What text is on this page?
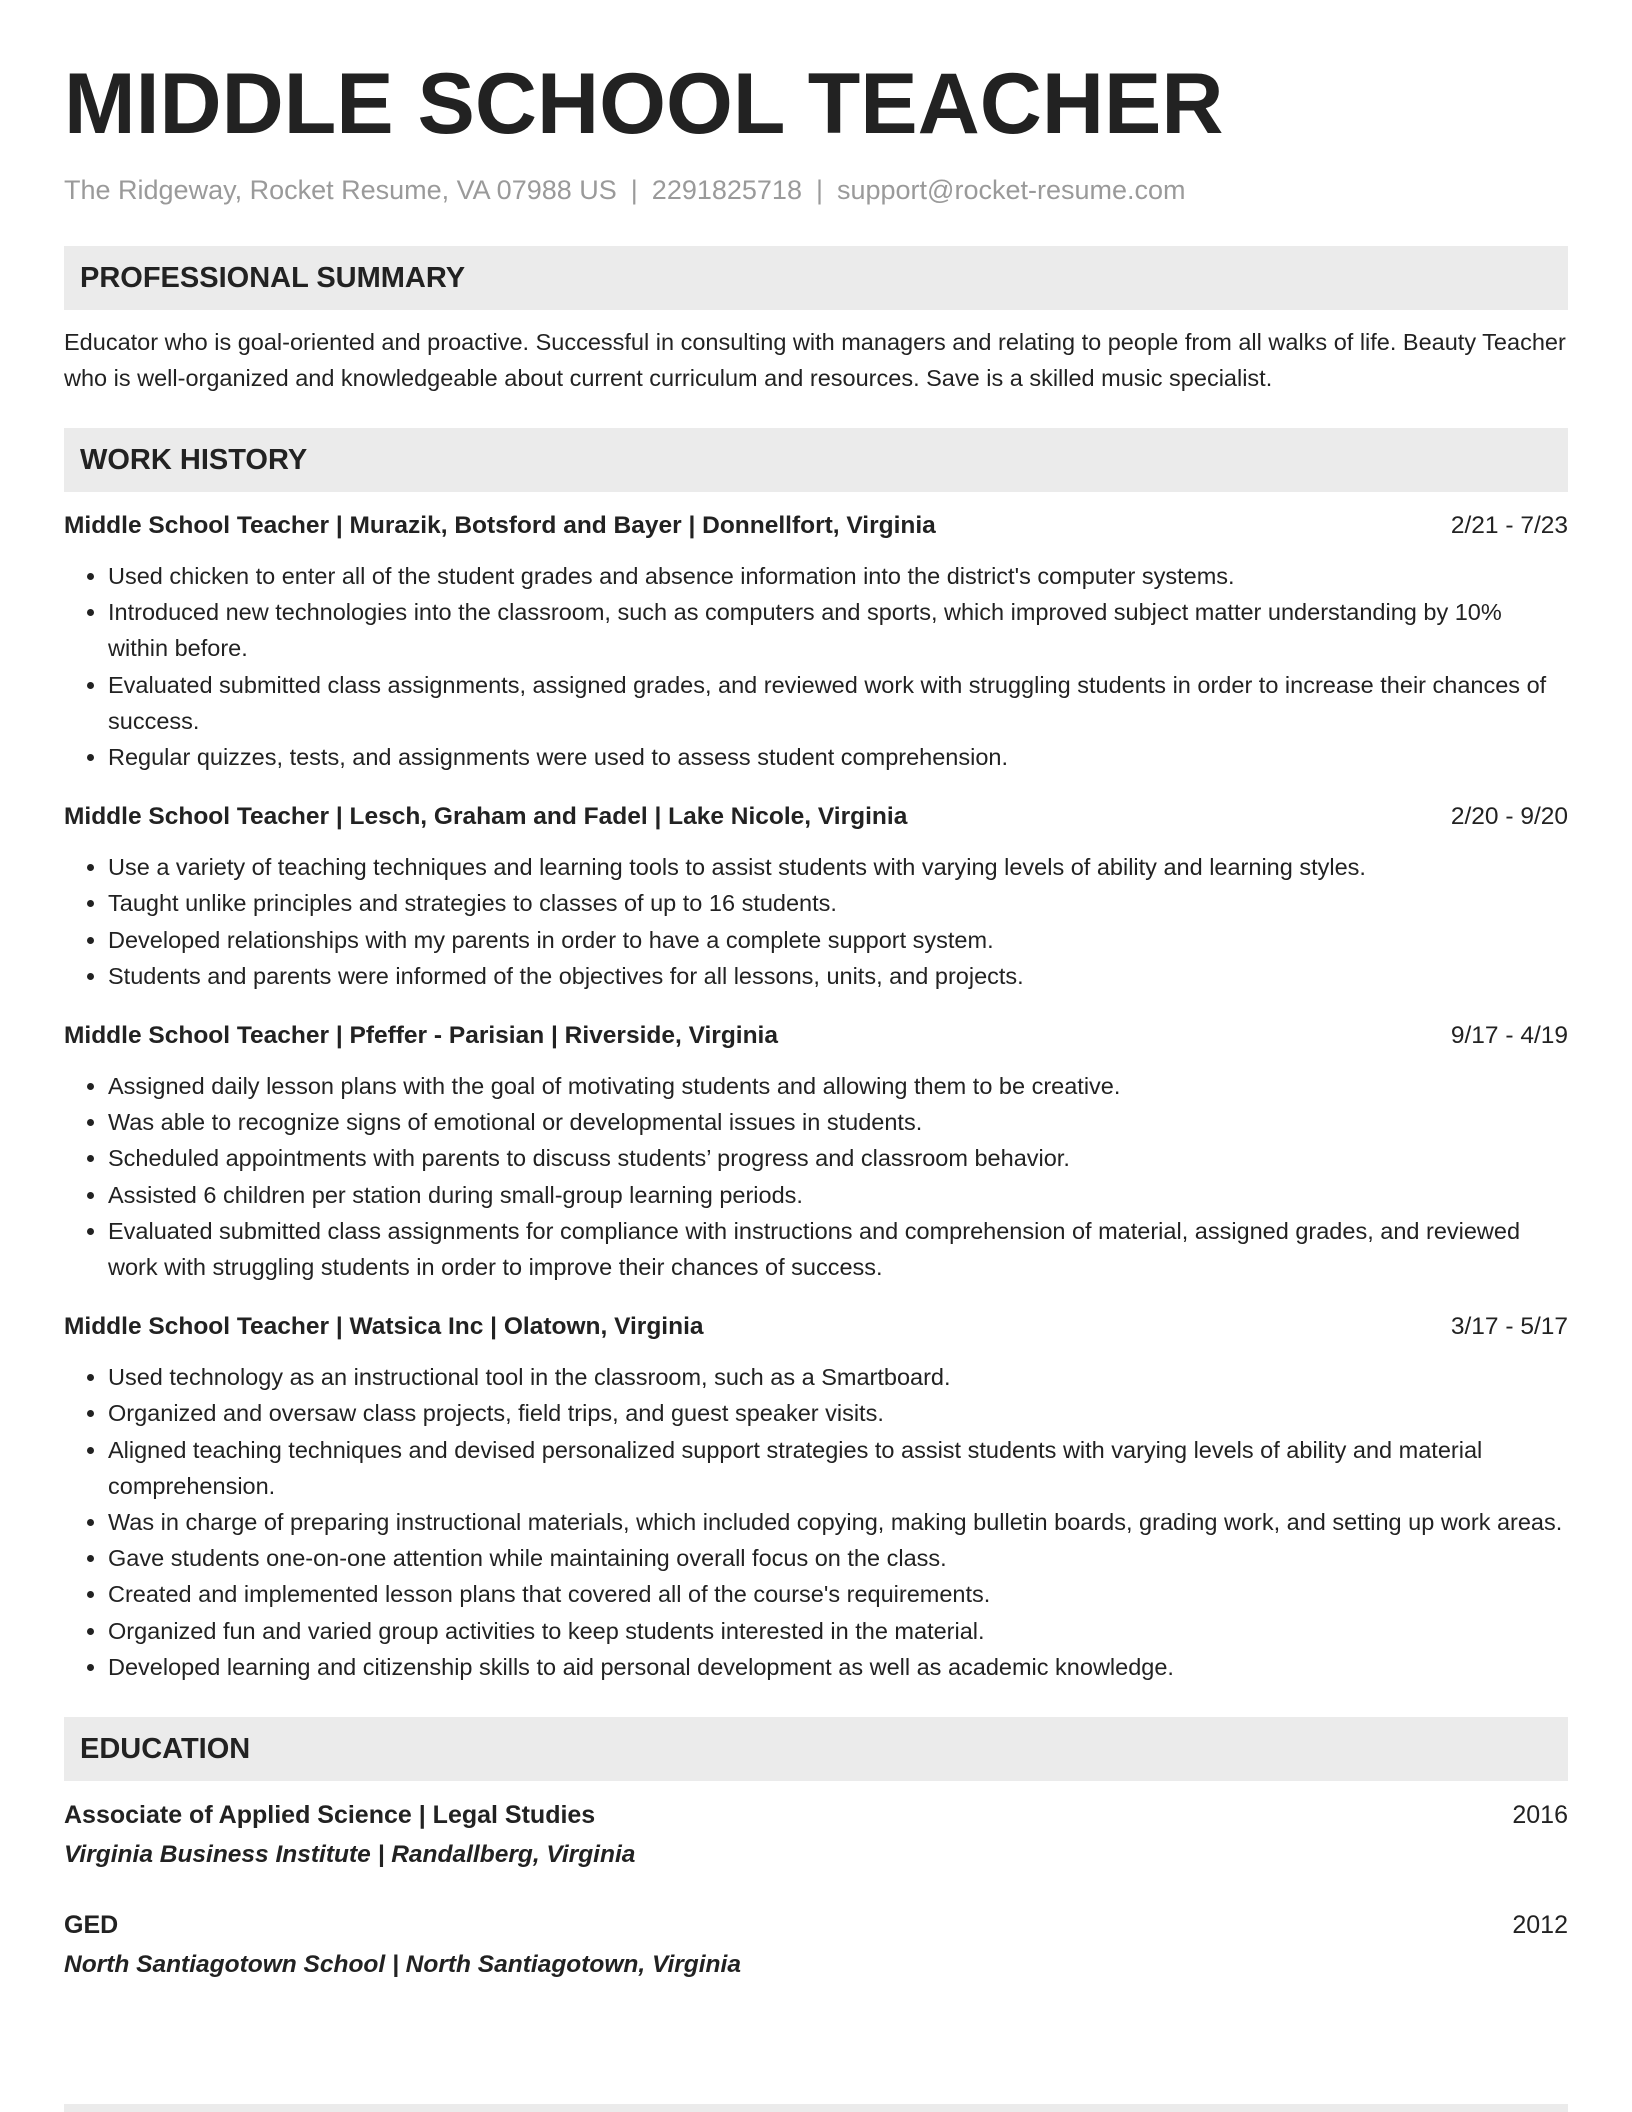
MIDDLE SCHOOL TEACHER
The Ridgeway, Rocket Resume, VA 07988 US | 2291825718 | support@rocket-resume.com
PROFESSIONAL SUMMARY
Educator who is goal-oriented and proactive. Successful in consulting with managers and relating to people from all walks of life. Beauty Teacher who is well-organized and knowledgeable about current curriculum and resources. Save is a skilled music specialist.
WORK HISTORY
Middle School Teacher | Murazik, Botsford and Bayer | Donnellfort, Virginia	2/21 - 7/23
• Used chicken to enter all of the student grades and absence information into the district's computer systems.
• Introduced new technologies into the classroom, such as computers and sports, which improved subject matter understanding by 10% within before.
• Evaluated submitted class assignments, assigned grades, and reviewed work with struggling students in order to increase their chances of success.
• Regular quizzes, tests, and assignments were used to assess student comprehension.
Middle School Teacher | Lesch, Graham and Fadel | Lake Nicole, Virginia	2/20 - 9/20
• Use a variety of teaching techniques and learning tools to assist students with varying levels of ability and learning styles.
• Taught unlike principles and strategies to classes of up to 16 students.
• Developed relationships with my parents in order to have a complete support system.
• Students and parents were informed of the objectives for all lessons, units, and projects.
Middle School Teacher | Pfeffer - Parisian | Riverside, Virginia	9/17 - 4/19
• Assigned daily lesson plans with the goal of motivating students and allowing them to be creative.
• Was able to recognize signs of emotional or developmental issues in students.
• Scheduled appointments with parents to discuss students’ progress and classroom behavior.
• Assisted 6 children per station during small-group learning periods.
• Evaluated submitted class assignments for compliance with instructions and comprehension of material, assigned grades, and reviewed work with struggling students in order to improve their chances of success.
Middle School Teacher | Watsica Inc | Olatown, Virginia	3/17 - 5/17
• Used technology as an instructional tool in the classroom, such as a Smartboard.
• Organized and oversaw class projects, field trips, and guest speaker visits.
• Aligned teaching techniques and devised personalized support strategies to assist students with varying levels of ability and material comprehension.
• Was in charge of preparing instructional materials, which included copying, making bulletin boards, grading work, and setting up work areas.
• Gave students one-on-one attention while maintaining overall focus on the class.
• Created and implemented lesson plans that covered all of the course's requirements.
• Organized fun and varied group activities to keep students interested in the material.
• Developed learning and citizenship skills to aid personal development as well as academic knowledge.
EDUCATION
Associate of Applied Science | Legal Studies	2016
Virginia Business Institute | Randallberg, Virginia
GED	2012
North Santiagotown School | North Santiagotown, Virginia
